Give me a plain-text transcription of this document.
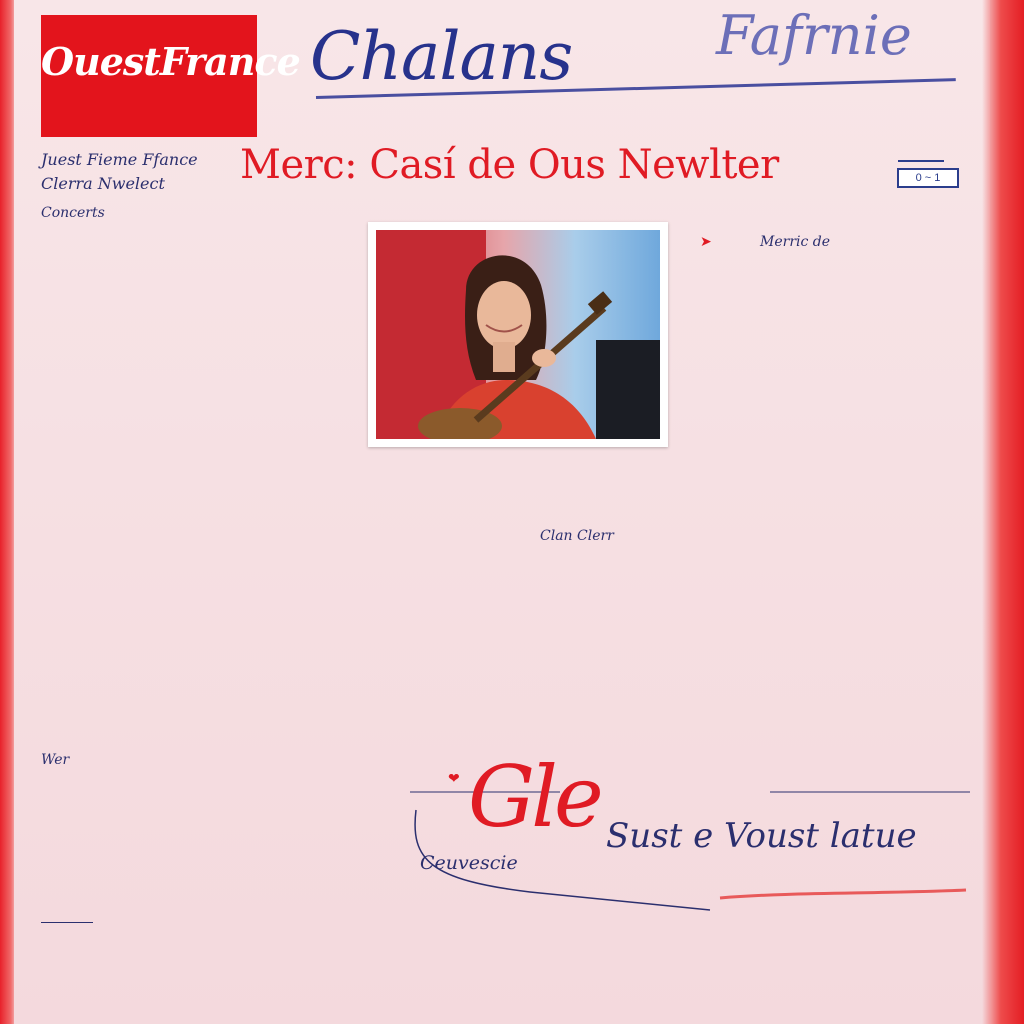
OuestFrance Chalans	Fafrnie
Juest Fieme Ffance
Clerra Nwelect Merc: Casí de Ous Newlter	0 ~ 1
Concerts

➤	Merric de

Clan Clerr
Wer
❤ Gle Sust e Voust latue
Ceuvescie
